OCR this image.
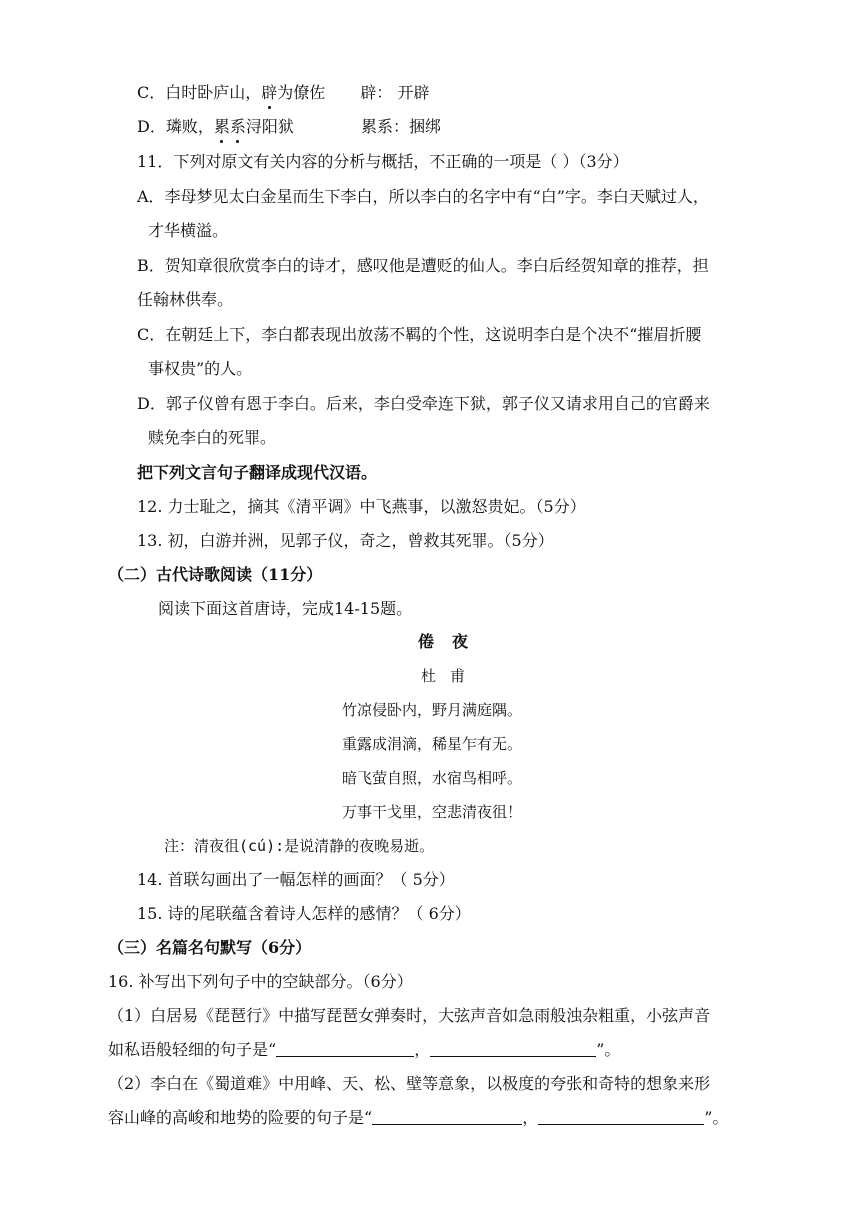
C．白时卧庐山，辟为僚佐 辟： 开辟
D．璘败，累系浔阳狱	累系：捆绑
11．下列对原文有关内容的分析与概括，不正确的一项是（ ）（3分）
A．李母梦见太白金星而生下李白，所以李白的名字中有“白”字。李白天赋过人，
才华横溢。
B．贺知章很欣赏李白的诗才，感叹他是遭贬的仙人。李白后经贺知章的推荐，担
任翰林供奉。
C．在朝廷上下，李白都表现出放荡不羁的个性，这说明李白是个决不“摧眉折腰
事权贵”的人。
D．郭子仪曾有恩于李白。后来，李白受牵连下狱，郭子仪又请求用自己的官爵来
赎免李白的死罪。
把下列文言句子翻译成现代汉语。
12. 力士耻之，摘其《清平调》中飞燕事，以激怒贵妃。（5分）
13. 初，白游并洲，见郭子仪，奇之，曾救其死罪。（5分）
（二）古代诗歌阅读（11分）
阅读下面这首唐诗，完成14-15题。
倦夜
杜甫
竹凉侵卧内，野月满庭隅。
重露成涓滴，稀星乍有无。
暗飞萤自照，水宿鸟相呼。
万事干戈里，空悲清夜徂！
注：清夜徂(cú):是说清静的夜晚易逝。
14. 首联勾画出了一幅怎样的画面？（ 5分）
15. 诗的尾联蕴含着诗人怎样的感情？（ 6分）
（三）名篇名句默写（6分）
16. 补写出下列句子中的空缺部分。（6分）
（1）白居易《琵琶行》中描写琵琶女弹奏时，大弦声音如急雨般浊杂粗重，小弦声音
如私语般轻细的句子是“	，	”。
（2）李白在《蜀道难》中用峰、天、松、壁等意象，以极度的夸张和奇特的想象来形
容山峰的高峻和地势的险要的句子是“	，	”。
